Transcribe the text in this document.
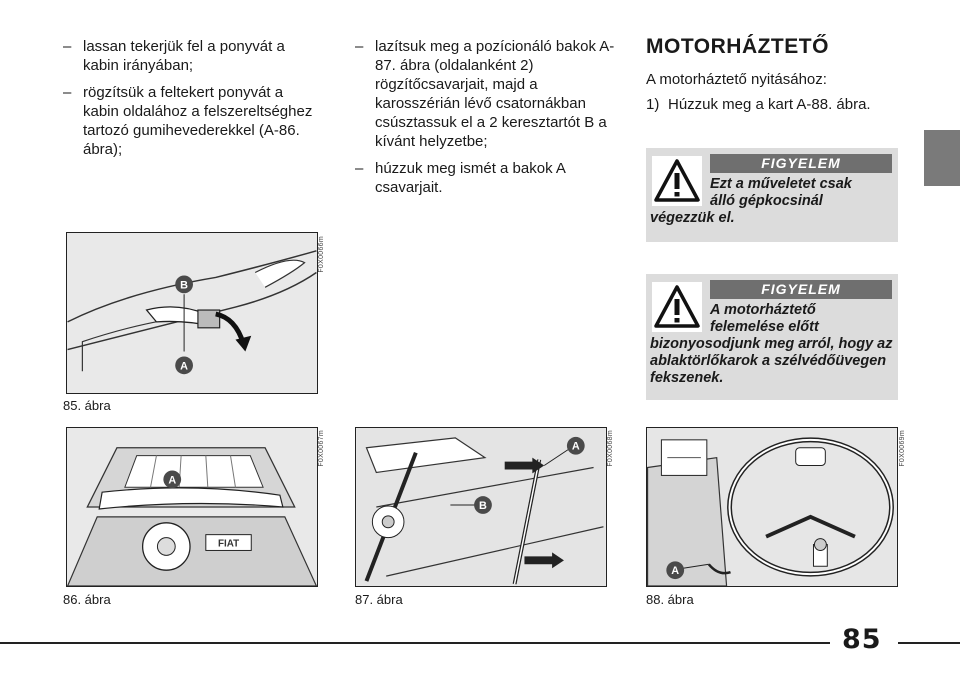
– lassan tekerjük fel a ponyvát a kabin irányában;
– rögzítsük a feltekert ponyvát a kabin oldalához a felszereltséghez tartozó gumihevederekkel (A-86. ábra);
– lazítsuk meg a pozícionáló bakok A-87. ábra (oldalanként 2) rögzítőcsavarjait, majd a karosszérián lévő csatornákban csúsztassuk el a 2 keresztartót B a kívánt helyzetbe;
– húzzuk meg ismét a bakok A csavarjait.
MOTORHÁZTETŐ
A motorháztető nyitásához:
1) Húzzuk meg a kart A-88. ábra.
FIGYELEM
Ezt a műveletet csak
álló gépkocsinál
végezzük el.
FIGYELEM
A motorháztető
felemelése előtt
bizonyosodjunk meg arról, hogy az ablaktörlőkarok a szélvédőüvegen fekszenek.
B
A
F0X0066m
85. ábra
FIAT
A
F0X0067m
86. ábra
A
B
F0X0068m
87. ábra
A
F0X0069m
88. ábra
85
